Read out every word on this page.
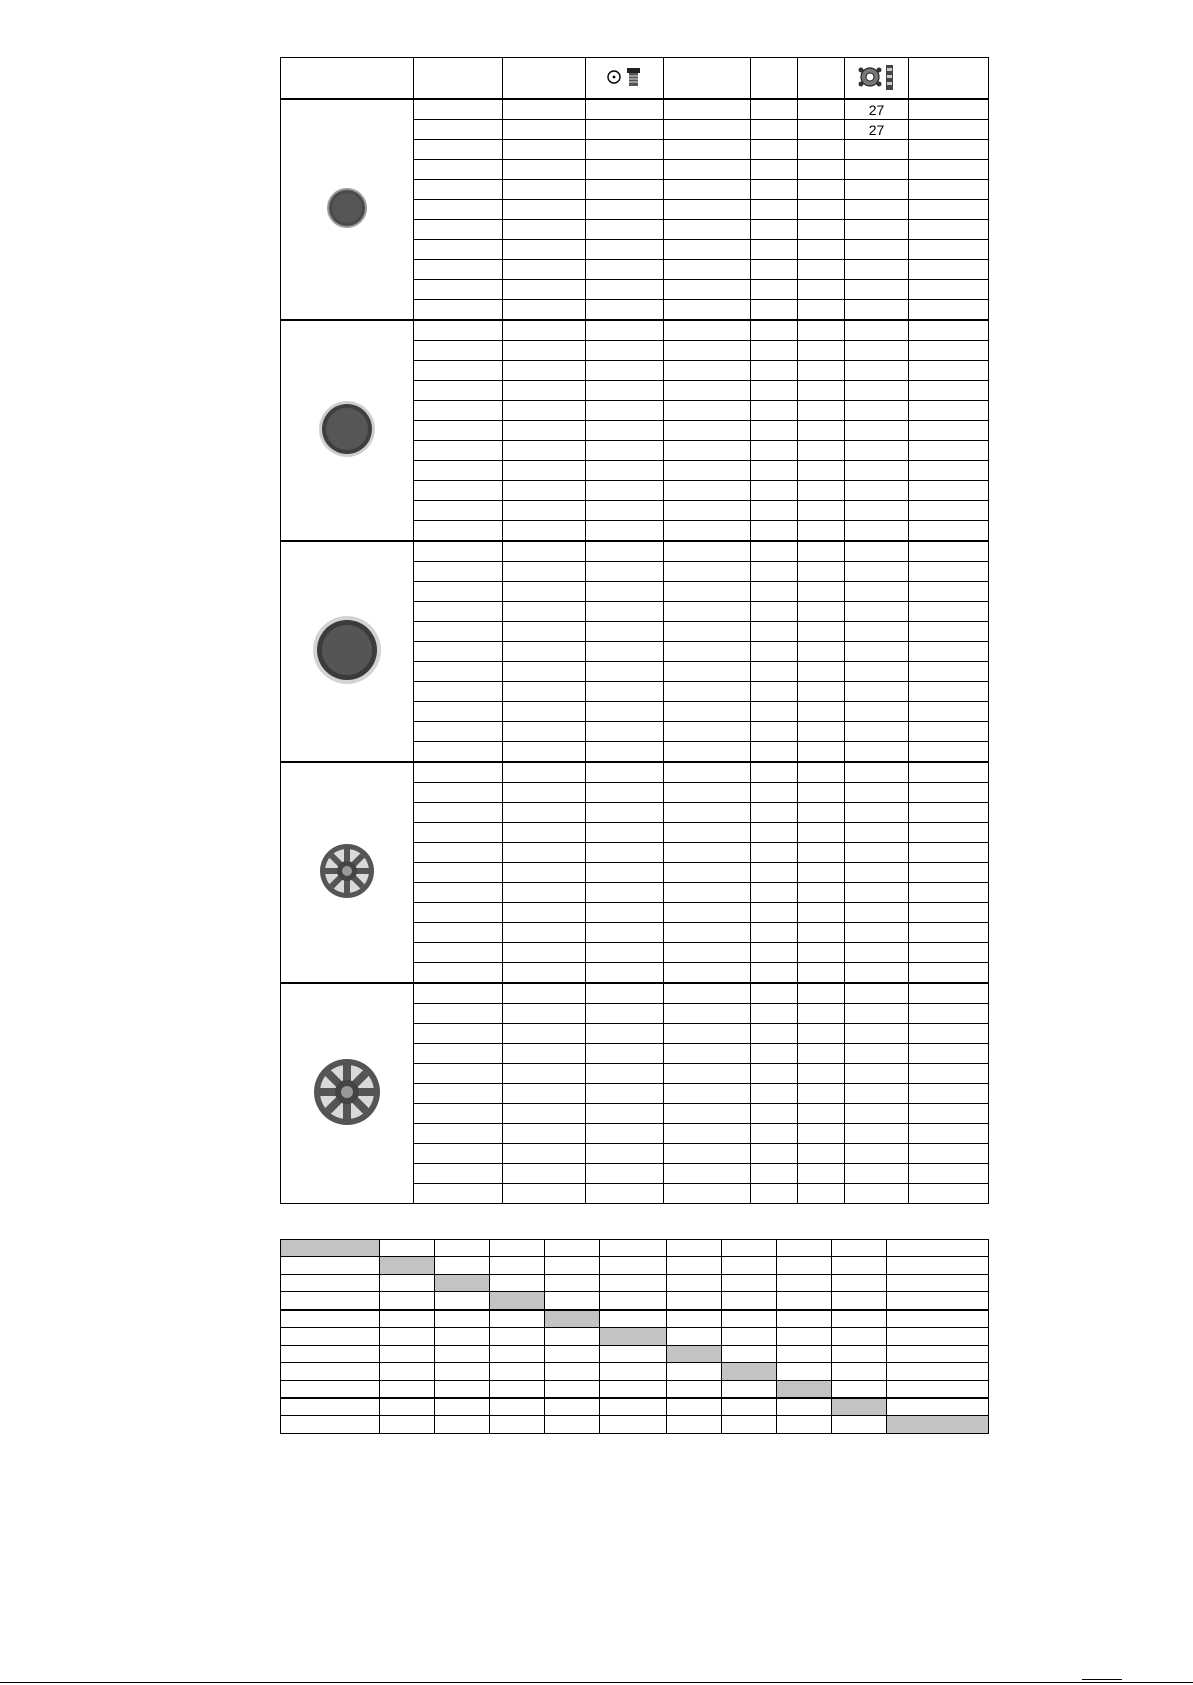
							27	
							27	
